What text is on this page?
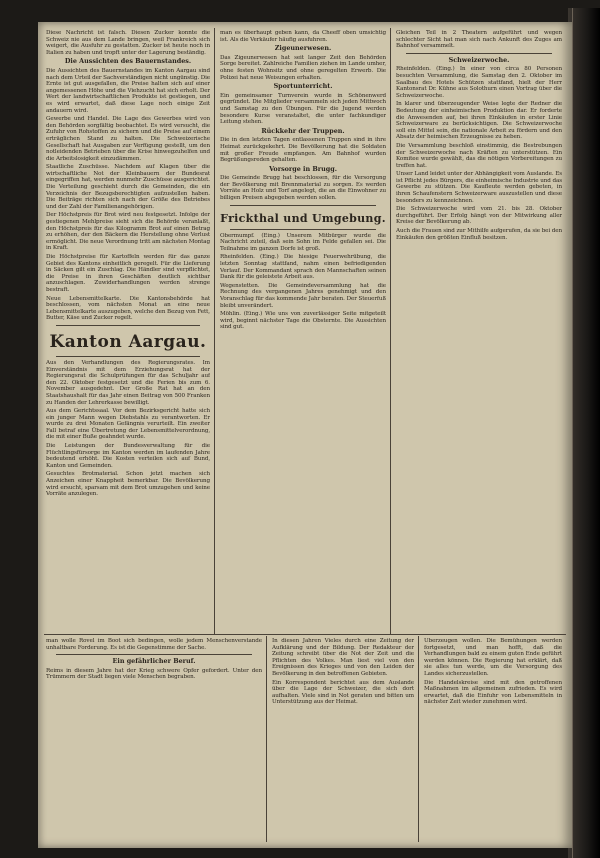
Diese Nachricht ist falsch. Diesen Zucker konnte die Schweiz nie aus dem Lande bringen, weil Frankreich sich weigert, die Ausfuhr zu gestatten. Zucker ist heute noch in Italien zu haben und tropft unter der Lagerung beständig.

Die Aussichten des Bauernstandes.

Die Aussichten des Bauernstandes im Kanton Aargau sind nach dem Urteil der Sachverständigen nicht ungünstig. Die Ernte ist gut ausgefallen, die Preise halten sich auf einer angemessenen Höhe und die Viehzucht hat sich erholt. Der Wert der landwirtschaftlichen Produkte ist gestiegen, und es wird erwartet, daß diese Lage noch einige Zeit andauern wird.

Gewerbe und Handel. Die Lage des Gewerbes wird von den Behörden sorgfältig beobachtet. Es wird versucht, die Zufuhr von Rohstoffen zu sichern und die Preise auf einem erträglichen Stand zu halten. Die Schweizerische Gesellschaft hat Ausgaben zur Verfügung gestellt, um den notleidenden Betrieben über die Krise hinwegzuhelfen und die Arbeitslosigkeit einzudämmen.

Staatliche Zuschüsse. Nachdem auf Klagen über die wirtschaftliche Not der Kleinbauern der Bundesrat eingegriffen hat, werden nunmehr Zuschüsse ausgerichtet. Die Verteilung geschieht durch die Gemeinden, die ein Verzeichnis der Bezugsberechtigten aufzustellen haben. Die Beiträge richten sich nach der Größe des Betriebes und der Zahl der Familienangehörigen.

Der Höchstpreis für Brot wird neu festgesetzt. Infolge der gestiegenen Mehlpreise sieht sich die Behörde veranlaßt, den Höchstpreis für das Kilogramm Brot auf einen Betrag zu erhöhen, der den Bäckern die Herstellung ohne Verlust ermöglicht. Die neue Verordnung tritt am nächsten Montag in Kraft.

Die Höchstpreise für Kartoffeln werden für das ganze Gebiet des Kantons einheitlich geregelt. Für die Lieferung in Säcken gilt ein Zuschlag. Die Händler sind verpflichtet, die Preise in ihren Geschäften deutlich sichtbar anzuschlagen. Zuwiderhandlungen werden strenge bestraft.

Neue Lebensmittelkarte. Die Kantonsbehörde hat beschlossen, vom nächsten Monat an eine neue Lebensmittelkarte auszugeben, welche den Bezug von Fett, Butter, Käse und Zucker regelt.

Kanton Aargau.

Aus den Verhandlungen des Regierungsrates. Im Einverständnis mit dem Erziehungsrat hat der Regierungsrat die Schulprüfungen für das Schuljahr auf den 22. Oktober festgesetzt und die Ferien bis zum 6. November ausgedehnt. Der Große Rat hat an den Staatshaushalt für das Jahr einen Beitrag von 500 Franken zu Handen der Lehrerkasse bewilligt.

Aus dem Gerichtssaal. Vor dem Bezirksgericht hatte sich ein junger Mann wegen Diebstahls zu verantworten. Er wurde zu drei Monaten Gefängnis verurteilt. Ein zweiter Fall betraf eine Übertretung der Lebensmittelverordnung, die mit einer Buße geahndet wurde.

Die Leistungen der Bundesverwaltung für die Flüchtlingsfürsorge im Kanton werden im laufenden Jahre bedeutend erhöht. Die Kosten verteilen sich auf Bund, Kanton und Gemeinden.

Gesuchtes Brotmaterial. Schon jetzt machen sich Anzeichen einer Knappheit bemerkbar. Die Bevölkerung wird ersucht, sparsam mit dem Brot umzugehen und keine Vorräte anzulegen.

man es überhaupt geben kann, da Cheeff oben umsichtig ist. Als die Verkäufer häufig ausfuhren.

Zigeunerwesen.

Das Zigeunerwesen hat seit langer Zeit den Behörden Sorge bereitet. Zahlreiche Familien ziehen im Lande umher, ohne festen Wohnsitz und ohne geregelten Erwerb. Die Polizei hat neue Weisungen erhalten.

Sportunterricht.

Ein gemeinsamer Turnverein wurde in Schönenwerd gegründet. Die Mitglieder versammeln sich jeden Mittwoch und Samstag zu den Übungen. Für die Jugend werden besondere Kurse veranstaltet, die unter fachkundiger Leitung stehen.

Rückkehr der Truppen.

Die in den letzten Tagen entlassenen Truppen sind in ihre Heimat zurückgekehrt. Die Bevölkerung hat die Soldaten mit großer Freude empfangen. Am Bahnhof wurden Begrüßungsreden gehalten.

Vorsorge in Brugg.

Die Gemeinde Brugg hat beschlossen, für die Versorgung der Bevölkerung mit Brennmaterial zu sorgen. Es werden Vorräte an Holz und Torf angelegt, die an die Einwohner zu billigen Preisen abgegeben werden sollen.

Frickthal und Umgebung.

Obermumpf. (Eing.) Unserem Mitbürger wurde die Nachricht zuteil, daß sein Sohn im Felde gefallen sei. Die Teilnahme im ganzen Dorfe ist groß.

Rheinfelden. (Eing.) Die hiesige Feuerwehrübung, die letzten Sonntag stattfand, nahm einen befriedigenden Verlauf. Der Kommandant sprach den Mannschaften seinen Dank für die geleistete Arbeit aus.

Wegenstetten. Die Gemeindeversammlung hat die Rechnung des vergangenen Jahres genehmigt und den Voranschlag für das kommende Jahr beraten. Der Steuerfuß bleibt unverändert.

Möhlin. (Eing.) Wie uns von zuverlässiger Seite mitgeteilt wird, beginnt nächster Tage die Obsternte. Die Aussichten sind gut.

Gleichen Teil in 2 Theatern aufgeführt und wegen schlechter Sicht hat man sich nach Ankunft des Zuges am Bahnhof versammelt.

Schweizerwoche.

Rheinfelden. (Eing.) In einer von circa 80 Personen besuchten Versammlung, die Samstag den 2. Oktober im Saalbau des Hotels Schützen stattfand, hielt der Herr Kantonsrat Dr. Kühne aus Solothurn einen Vortrag über die Schweizerwoche.

In klarer und überzeugender Weise legte der Redner die Bedeutung der einheimischen Produktion dar. Er forderte die Anwesenden auf, bei ihren Einkäufen in erster Linie Schweizerware zu berücksichtigen. Die Schweizerwoche soll ein Mittel sein, die nationale Arbeit zu fördern und den Absatz der heimischen Erzeugnisse zu heben.

Die Versammlung beschloß einstimmig, die Bestrebungen der Schweizerwoche nach Kräften zu unterstützen. Ein Komitee wurde gewählt, das die nötigen Vorbereitungen zu treffen hat.

Unser Land leidet unter der Abhängigkeit vom Auslande. Es ist Pflicht jedes Bürgers, die einheimische Industrie und das Gewerbe zu stützen. Die Kaufleute werden gebeten, in ihren Schaufenstern Schweizerware auszustellen und diese besonders zu kennzeichnen.

Die Schweizerwoche wird vom 21. bis 28. Oktober durchgeführt. Der Erfolg hängt von der Mitwirkung aller Kreise der Bevölkerung ab.

Auch die Frauen sind zur Mithilfe aufgerufen, da sie bei den Einkäufen den größten Einfluß besitzen.

man wolle Rovel im Boot sich bedingen, wolle jedem Menschenverstande unhaltbare Forderung. Es ist die Gegenstimme der Sache.

Ein gefährlicher Beruf.

Reims in diesem Jahre hat der Krieg schwere Opfer gefordert. Unter den Trümmern der Stadt liegen viele Menschen begraben.

In diesen Jahren Vieles durch eine Zeitung der Aufklärung und der Bildung. Der Redakteur der Zeitung schreibt über die Not der Zeit und die Pflichten des Volkes. Man liest viel von den Ereignissen des Krieges und von den Leiden der Bevölkerung in den betroffenen Gebieten.

Ein Korrespondent berichtet aus dem Auslande über die Lage der Schweizer, die sich dort aufhalten. Viele sind in Not geraten und bitten um Unterstützung aus der Heimat.

Überzeugen wollen. Die Bemühungen werden fortgesetzt, und man hofft, daß die Verhandlungen bald zu einem guten Ende geführt werden können. Die Regierung hat erklärt, daß sie alles tun werde, um die Versorgung des Landes sicherzustellen.

Die Handelskreise sind mit den getroffenen Maßnahmen im allgemeinen zufrieden. Es wird erwartet, daß die Einfuhr von Lebensmitteln in nächster Zeit wieder zunehmen wird.
